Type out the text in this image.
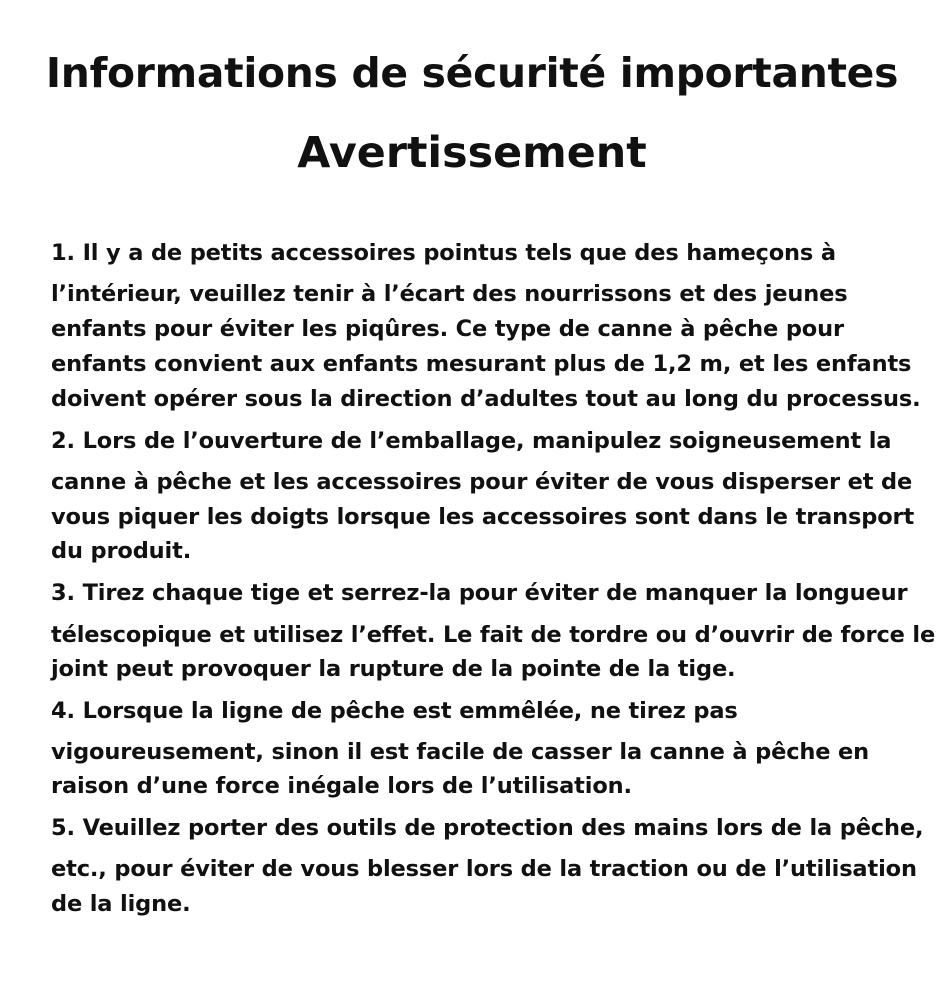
Informations de sécurité importantes
Avertissement
1. Il y a de petits accessoires pointus tels que des hameçons à
l’intérieur, veuillez tenir à l’écart des nourrissons et des jeunes
enfants pour éviter les piqûres. Ce type de canne à pêche pour
enfants convient aux enfants mesurant plus de 1,2 m, et les enfants
doivent opérer sous la direction d’adultes tout au long du processus.
2. Lors de l’ouverture de l’emballage, manipulez soigneusement la
canne à pêche et les accessoires pour éviter de vous disperser et de
vous piquer les doigts lorsque les accessoires sont dans le transport
du produit.
3. Tirez chaque tige et serrez-la pour éviter de manquer la longueur
télescopique et utilisez l’effet. Le fait de tordre ou d’ouvrir de force le
joint peut provoquer la rupture de la pointe de la tige.
4. Lorsque la ligne de pêche est emmêlée, ne tirez pas
vigoureusement, sinon il est facile de casser la canne à pêche en
raison d’une force inégale lors de l’utilisation.
5. Veuillez porter des outils de protection des mains lors de la pêche,
etc., pour éviter de vous blesser lors de la traction ou de l’utilisation
de la ligne.
